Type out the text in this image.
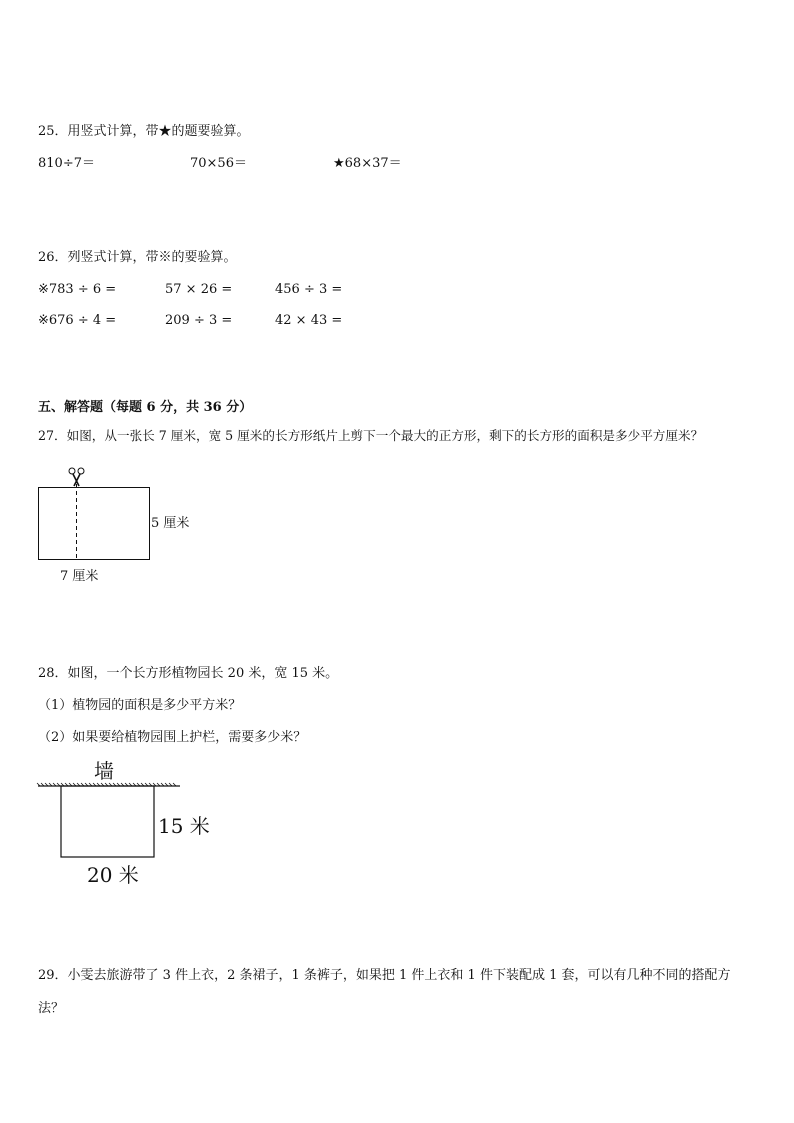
25．用竖式计算，带★的题要验算。
810÷7＝	70×56＝	★68×37＝
26．列竖式计算，带※的要验算。
※783 ÷ 6 =	57 × 26 =	456 ÷ 3 =
※676 ÷ 4 =	209 ÷ 3 =	42 × 43 =
五、解答题（每题 6 分，共 36 分）
27．如图，从一张长 7 厘米，宽 5 厘米的长方形纸片上剪下一个最大的正方形，剩下的长方形的面积是多少平方厘米？
5 厘米
7 厘米
28．如图，一个长方形植物园长 20 米，宽 15 米。
（1）植物园的面积是多少平方米？
（2）如果要给植物园围上护栏，需要多少米？
墙
15 米
20 米
29．小雯去旅游带了 3 件上衣，2 条裙子，1 条裤子，如果把 1 件上衣和 1 件下装配成 1 套，可以有几种不同的搭配方
法？
